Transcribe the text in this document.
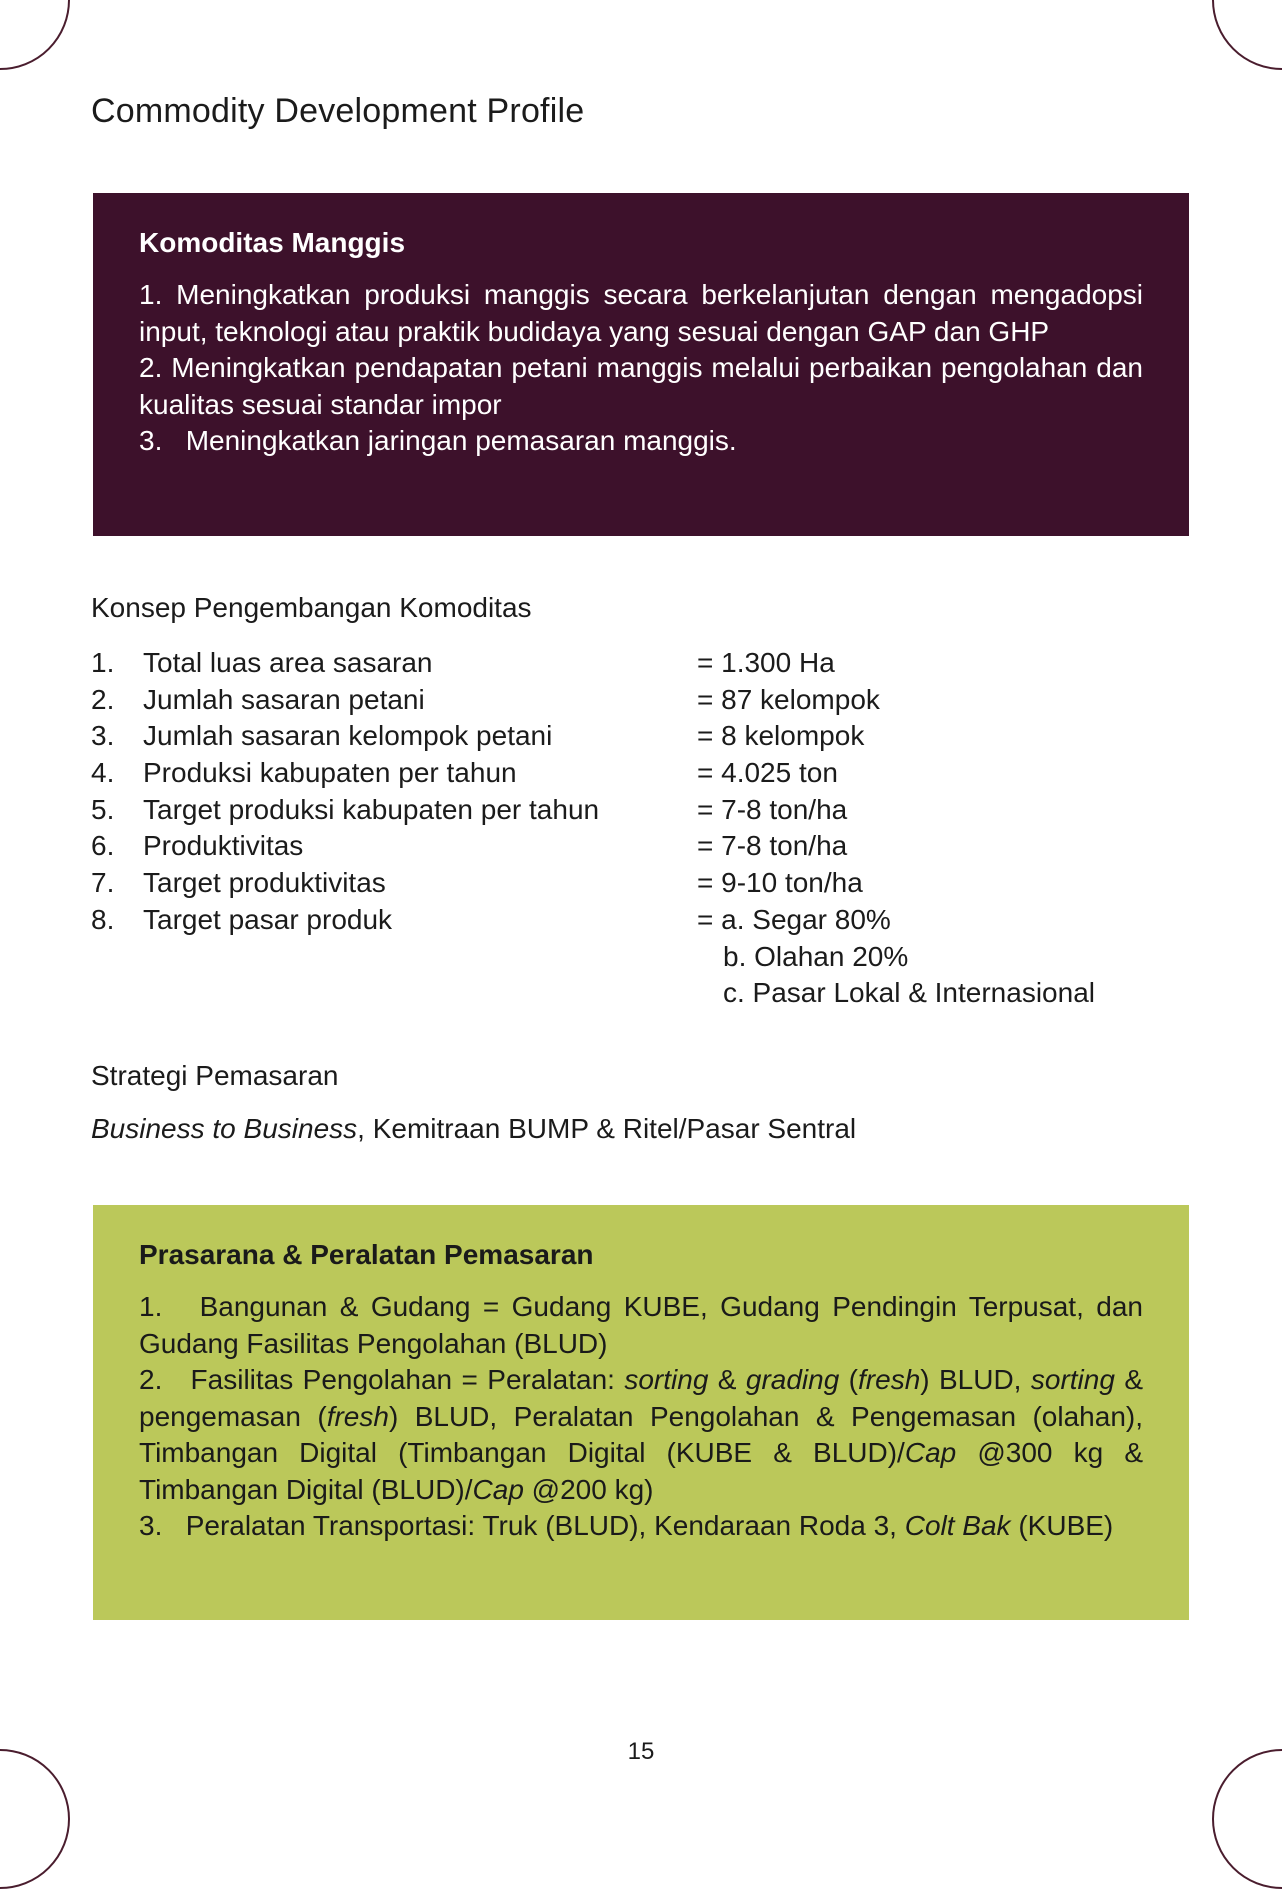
Commodity Development Profile
Komoditas Manggis
1. Meningkatkan produksi manggis secara berkelanjutan dengan mengadopsi input, teknologi atau praktik budidaya yang sesuai dengan GAP dan GHP
2. Meningkatkan pendapatan petani manggis melalui perbaikan pengolahan dan kualitas sesuai standar impor
3.   Meningkatkan jaringan pemasaran manggis.
Konsep Pengembangan Komoditas
1. Total luas area sasaran	= 1.300 Ha
2. Jumlah sasaran petani	= 87 kelompok
3. Jumlah sasaran kelompok petani	= 8 kelompok
4. Produksi kabupaten per tahun	= 4.025 ton
5. Target produksi kabupaten per tahun	= 7-8 ton/ha
6. Produktivitas	= 7-8 ton/ha
7. Target produktivitas	= 9-10 ton/ha
8. Target pasar produk	= a. Segar 80%
b. Olahan 20%
c. Pasar Lokal & Internasional
Strategi Pemasaran

Business to Business, Kemitraan BUMP & Ritel/Pasar Sentral

Prasarana & Peralatan Pemasaran
1.   Bangunan & Gudang = Gudang KUBE, Gudang Pendingin Terpusat, dan Gudang Fasilitas Pengolahan (BLUD)
2.   Fasilitas Pengolahan = Peralatan: sorting & grading (fresh) BLUD, sorting & pengemasan (fresh) BLUD, Peralatan Pengolahan & Pengemasan (olahan), Timbangan Digital (Timbangan Digital (KUBE & BLUD)/Cap @300 kg & Timbangan Digital (BLUD)/Cap @200 kg)
3.   Peralatan Transportasi: Truk (BLUD), Kendaraan Roda 3, Colt Bak (KUBE)
15
